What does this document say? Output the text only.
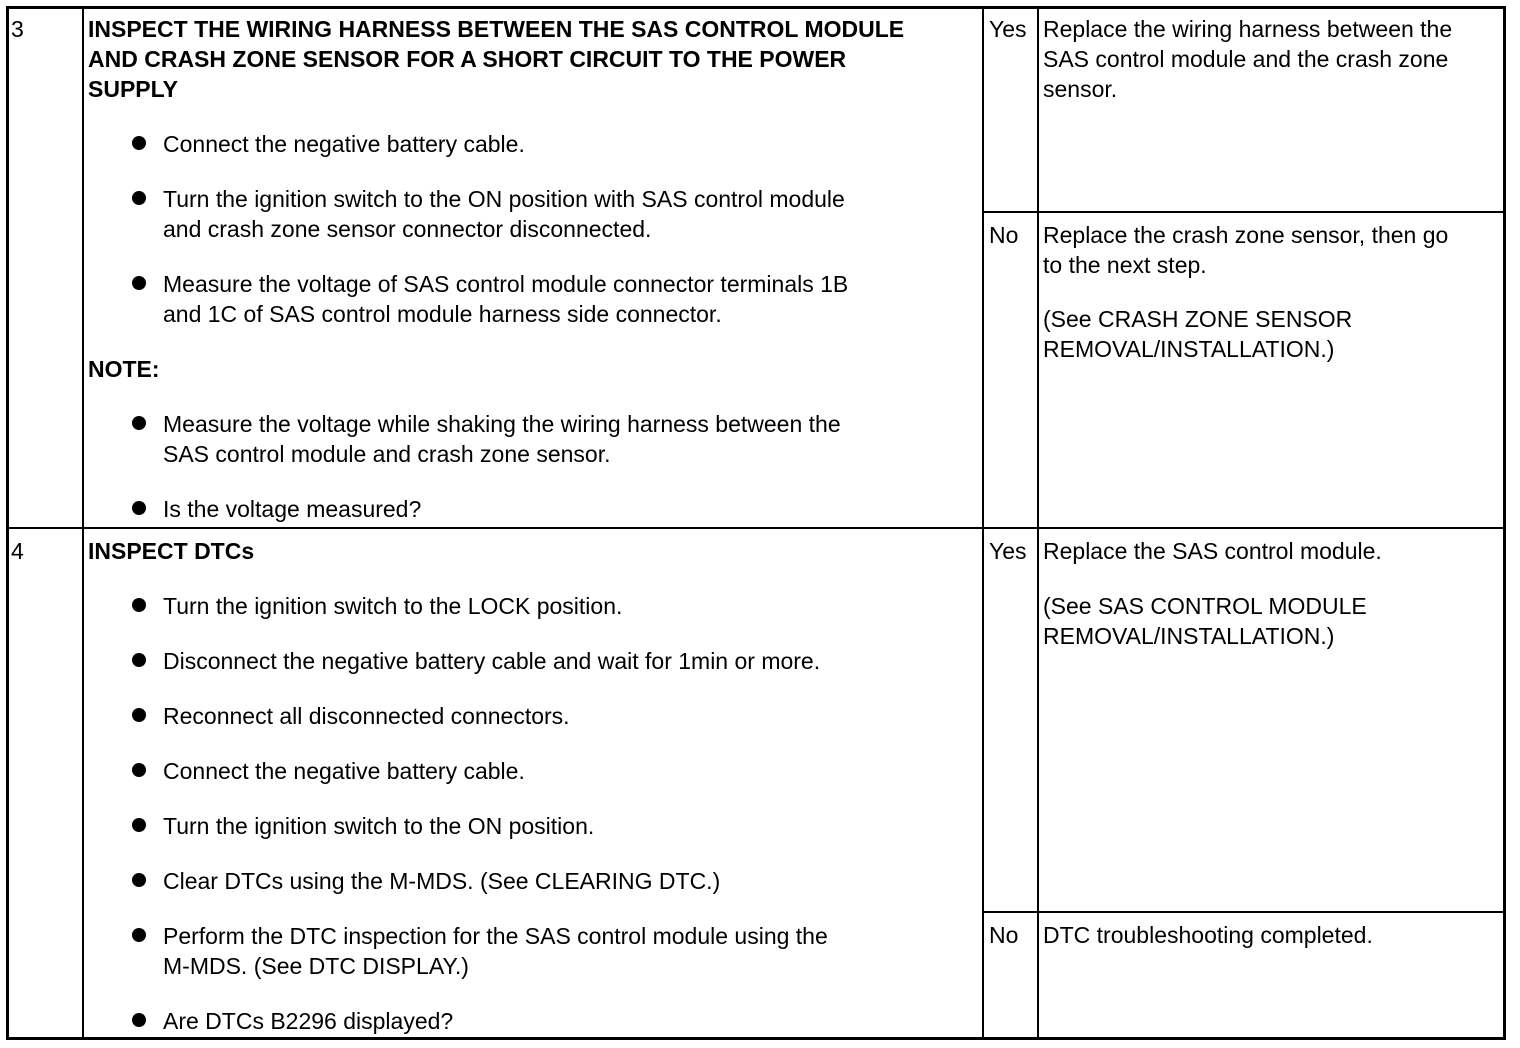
3	INSPECT THE WIRING HARNESS BETWEEN THE SAS CONTROL MODULE
AND CRASH ZONE SENSOR FOR A SHORT CIRCUIT TO THE POWER
SUPPLY
Connect the negative battery cable.
Turn the ignition switch to the ON position with SAS control module
and crash zone sensor connector disconnected.
Measure the voltage of SAS control module connector terminals 1B
and 1C of SAS control module harness side connector.
NOTE:
Measure the voltage while shaking the wiring harness between the
SAS control module and crash zone sensor.
Is the voltage measured?
Yes Replace the wiring harness between the
SAS control module and the crash zone
sensor.
No Replace the crash zone sensor, then go
to the next step.
(See CRASH ZONE SENSOR
REMOVAL/INSTALLATION.)
4	INSPECT DTCs
Turn the ignition switch to the LOCK position.
Disconnect the negative battery cable and wait for 1min or more.
Reconnect all disconnected connectors.
Connect the negative battery cable.
Turn the ignition switch to the ON position.
Clear DTCs using the M-MDS. (See CLEARING DTC.)
Perform the DTC inspection for the SAS control module using the
M-MDS. (See DTC DISPLAY.)
Are DTCs B2296 displayed?
Yes Replace the SAS control module.
(See SAS CONTROL MODULE
REMOVAL/INSTALLATION.)
No DTC troubleshooting completed.
